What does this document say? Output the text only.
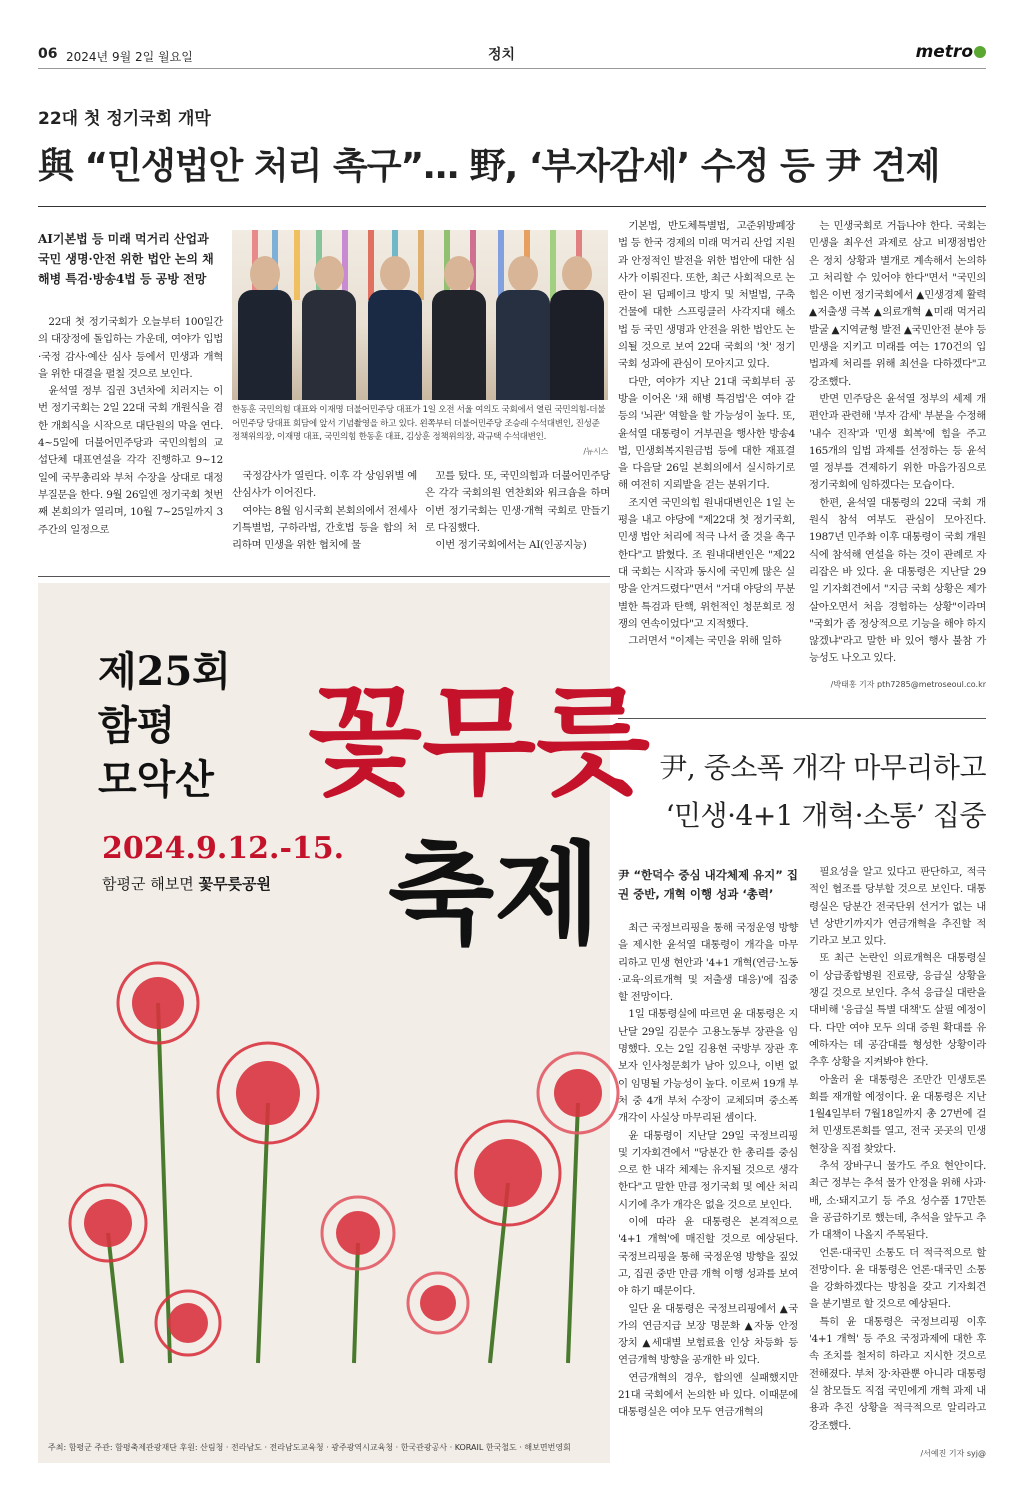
06 2024년 9월 2일 월요일	정치	metro
22대 첫 정기국회 개막
與 “민생법안 처리 촉구”… 野, ‘부자감세’ 수정 등 尹 견제
AI기본법 등 미래 먹거리 산업과 국민 생명·안전 위한 법안 논의 채 해병 특검·방송4법 등 공방 전망

22대 첫 정기국회가 오늘부터 100일간의 대장정에 돌입하는 가운데, 여야가 입법·국정 감사·예산 심사 등에서 민생과 개혁을 위한 대결을 펼칠 것으로 보인다.

윤석열 정부 집권 3년차에 치러지는 이번 정기국회는 2일 22대 국회 개원식을 겸한 개회식을 시작으로 대단원의 막을 연다. 4~5일에 더불어민주당과 국민의힘의 교섭단체 대표연설을 각각 진행하고 9~12일에 국무총리와 부처 수장을 상대로 대정부질문을 한다. 9월 26일엔 정기국회 첫번째 본회의가 열리며, 10월 7~25일까지 3주간의 일정으로

한동훈 국민의힘 대표와 이재명 더불어민주당 대표가 1일 오전 서울 여의도 국회에서 열린 국민의힘-더불어민주당 당대표 회담에 앞서 기념촬영을 하고 있다. 왼쪽부터 더불어민주당 조승래 수석대변인, 진성준 정책위의장, 이재명 대표, 국민의힘 한동훈 대표, 김상훈 정책위의장, 곽규택 수석대변인.
/뉴시스

국정감사가 열린다. 이후 각 상임위별 예산심사가 이어진다.

여야는 8월 임시국회 본회의에서 전세사기특별법, 구하라법, 간호법 등을 합의 처리하며 민생을 위한 협치에 물

꼬를 텄다. 또, 국민의힘과 더불어민주당은 각각 국회의원 연찬회와 워크숍을 하며 이번 정기국회는 민생·개혁 국회로 만들기로 다짐했다.

이번 정기국회에서는 AI(인공지능)

기본법, 반도체특별법, 고준위방폐장법 등 한국 경제의 미래 먹거리 산업 지원과 안정적인 발전을 위한 법안에 대한 심사가 이뤄진다. 또한, 최근 사회적으로 논란이 된 딥페이크 방지 및 처벌법, 구축 건물에 대한 스프링클러 사각지대 해소법 등 국민 생명과 안전을 위한 법안도 논의될 것으로 보여 22대 국회의 '첫' 정기국회 성과에 관심이 모아지고 있다.

다만, 여야가 지난 21대 국회부터 공방을 이어온 '채 해병 특검법'은 여야 갈등의 '뇌관' 역할을 할 가능성이 높다. 또, 윤석열 대통령이 거부권을 행사한 방송4법, 민생회복지원금법 등에 대한 재표결을 다음달 26일 본회의에서 실시하기로 해 여전히 지뢰밭을 걷는 분위기다.

조지연 국민의힘 원내대변인은 1일 논평을 내고 야당에 "제22대 첫 정기국회, 민생 법안 처리에 적극 나서 줄 것을 촉구한다"고 밝혔다. 조 원내대변인은 "제22대 국회는 시작과 동시에 국민께 많은 실망을 안겨드렸다"면서 "거대 야당의 무분별한 특검과 탄핵, 위헌적인 청문회로 정쟁의 연속이었다"고 지적했다.

그러면서 "이제는 국민을 위해 일하

는 민생국회로 거듭나야 한다. 국회는 민생을 최우선 과제로 삼고 비쟁점법안은 정치 상황과 별개로 계속해서 논의하고 처리할 수 있어야 한다"면서 "국민의힘은 이번 정기국회에서 ▲민생경제 활력 ▲저출생 극복 ▲의료개혁 ▲미래 먹거리 발굴 ▲지역균형 발전 ▲국민안전 분야 등 민생을 지키고 미래를 여는 170건의 입법과제 처리를 위해 최선을 다하겠다"고 강조했다.

반면 민주당은 윤석열 정부의 세제 개편안과 관련해 '부자 감세' 부분을 수정해 '내수 진작'과 '민생 회복'에 힘을 주고 165개의 입법 과제를 선정하는 등 윤석열 정부를 견제하기 위한 마음가짐으로 정기국회에 임하겠다는 모습이다.

한편, 윤석열 대통령의 22대 국회 개원식 참석 여부도 관심이 모아진다. 1987년 민주화 이후 대통령이 국회 개원식에 참석해 연설을 하는 것이 관례로 자리잡은 바 있다. 윤 대통령은 지난달 29일 기자회견에서 "지금 국회 상황은 제가 살아오면서 처음 경험하는 상황"이라며 "국회가 좀 정상적으로 기능을 해야 하지 않겠냐"라고 말한 바 있어 행사 불참 가능성도 나오고 있다.

/박태홍 기자 pth7285@metroseoul.co.kr
꽃무릇
축제
제25회
함평
모악산
2024.9.12.-15.
함평군 해보면 꽃무릇공원
주최: 함평군 주관: 함평축제관광재단 후원: 산림청 · 전라남도 · 전라남도교육청 · 광주광역시교육청 · 한국관광공사 · KORAIL 한국철도 · 해보면번영회
尹, 중소폭 개각 마무리하고
‘민생·4+1 개혁·소통’ 집중
尹 “한덕수 중심 내각체제 유지” 집권 중반, 개혁 이행 성과 ‘총력’

최근 국정브리핑을 통해 국정운영 방향을 제시한 윤석열 대통령이 개각을 마무리하고 민생 현안과 '4+1 개혁(연금·노동·교육·의료개혁 및 저출생 대응)'에 집중할 전망이다.

1일 대통령실에 따르면 윤 대통령은 지난달 29일 김문수 고용노동부 장관을 임명했다. 오는 2일 김용현 국방부 장관 후보자 인사청문회가 남아 있으나, 이변 없이 임명될 가능성이 높다. 이로써 19개 부처 중 4개 부처 수장이 교체되며 중소폭 개각이 사실상 마무리된 셈이다.

윤 대통령이 지난달 29일 국정브리핑 및 기자회견에서 "당분간 한 총리를 중심으로 한 내각 체제는 유지될 것으로 생각한다"고 말한 만큼 정기국회 및 예산 처리 시기에 추가 개각은 없을 것으로 보인다.

이에 따라 윤 대통령은 본격적으로 '4+1 개혁'에 매진할 것으로 예상된다. 국정브리핑을 통해 국정운영 방향을 짚었고, 집권 중반 만큼 개혁 이행 성과를 보여야 하기 때문이다.

일단 윤 대통령은 국정브리핑에서 ▲국가의 연금지급 보장 명문화 ▲자동 안정 장치 ▲세대별 보험료율 인상 차등화 등 연금개혁 방향을 공개한 바 있다.

연금개혁의 경우, 합의엔 실패했지만 21대 국회에서 논의한 바 있다. 이때문에 대통령실은 여야 모두 연금개혁의

필요성을 알고 있다고 판단하고, 적극적인 협조를 당부할 것으로 보인다. 대통령실은 당분간 전국단위 선거가 없는 내년 상반기까지가 연금개혁을 추진할 적기라고 보고 있다.

또 최근 논란인 의료개혁은 대통령실이 상급종합병원 진료량, 응급실 상황을 챙길 것으로 보인다. 추석 응급실 대란을 대비해 '응급실 특별 대책'도 살필 예정이다. 다만 여야 모두 의대 증원 확대를 유예하자는 데 공감대를 형성한 상황이라 추후 상황을 지켜봐야 한다.

아울러 윤 대통령은 조만간 민생토론회를 재개할 예정이다. 윤 대통령은 지난 1월4일부터 7월18일까지 총 27번에 걸쳐 민생토론회를 열고, 전국 곳곳의 민생현장을 직접 찾았다.

추석 장바구니 물가도 주요 현안이다. 최근 정부는 추석 물가 안정을 위해 사과·배, 소·돼지고기 등 주요 성수품 17만톤을 공급하기로 했는데, 추석을 앞두고 추가 대책이 나올지 주목된다.

언론·대국민 소통도 더 적극적으로 할 전망이다. 윤 대통령은 언론·대국민 소통을 강화하겠다는 방침을 갖고 기자회견을 분기별로 할 것으로 예상된다.

특히 윤 대통령은 국정브리핑 이후 '4+1 개혁' 등 주요 국정과제에 대한 후속 조치를 철저히 하라고 지시한 것으로 전해졌다. 부처 장·차관뿐 아니라 대통령실 참모들도 직접 국민에게 개혁 과제 내용과 추진 상황을 적극적으로 알리라고 강조했다.

/서예진 기자 syj@
